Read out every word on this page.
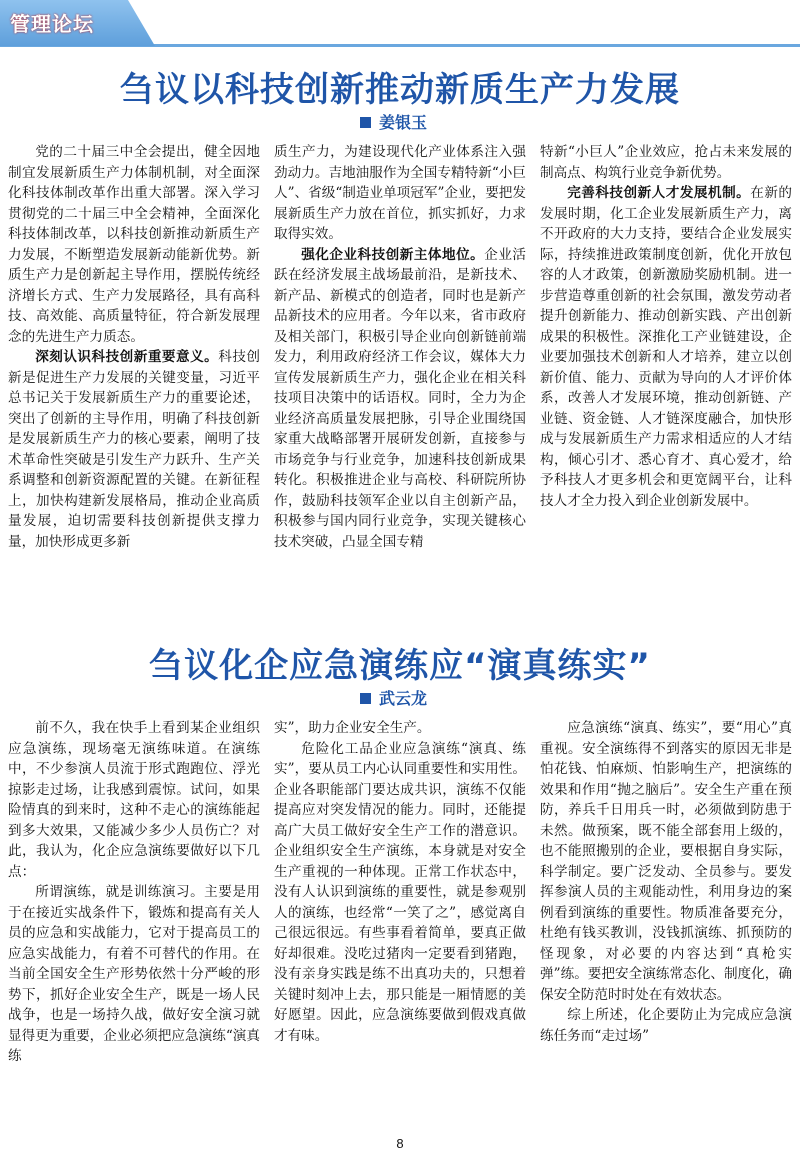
管理论坛
刍议以科技创新推动新质生产力发展
姜银玉

党的二十届三中全会提出，健全因地制宜发展新质生产力体制机制，对全面深化科技体制改革作出重大部署。深入学习贯彻党的二十届三中全会精神，全面深化科技体制改革，以科技创新推动新质生产力发展，不断塑造发展新动能新优势。新质生产力是创新起主导作用，摆脱传统经济增长方式、生产力发展路径，具有高科技、高效能、高质量特征，符合新发展理念的先进生产力质态。

深刻认识科技创新重要意义。科技创新是促进生产力发展的关键变量，习近平总书记关于发展新质生产力的重要论述，突出了创新的主导作用，明确了科技创新是发展新质生产力的核心要素，阐明了技术革命性突破是引发生产力跃升、生产关系调整和创新资源配置的关键。在新征程上，加快构建新发展格局，推动企业高质量发展，迫切需要科技创新提供支撑力量，加快形成更多新

质生产力，为建设现代化产业体系注入强劲动力。吉地油服作为全国专精特新“小巨人”、省级“制造业单项冠军”企业，要把发展新质生产力放在首位，抓实抓好，力求取得实效。

强化企业科技创新主体地位。企业活跃在经济发展主战场最前沿，是新技术、新产品、新模式的创造者，同时也是新产品新技术的应用者。今年以来，省市政府及相关部门，积极引导企业向创新链前端发力，利用政府经济工作会议，媒体大力宣传发展新质生产力，强化企业在相关科技项目决策中的话语权。同时，全力为企业经济高质量发展把脉，引导企业围绕国家重大战略部署开展研发创新，直接参与市场竞争与行业竞争，加速科技创新成果转化。积极推进企业与高校、科研院所协作，鼓励科技领军企业以自主创新产品，积极参与国内同行业竞争，实现关键核心技术突破，凸显全国专精

特新“小巨人”企业效应，抢占未来发展的制高点、构筑行业竞争新优势。

完善科技创新人才发展机制。在新的发展时期，化工企业发展新质生产力，离不开政府的大力支持，要结合企业发展实际，持续推进政策制度创新，优化开放包容的人才政策，创新激励奖励机制。进一步营造尊重创新的社会氛围，激发劳动者提升创新能力、推动创新实践、产出创新成果的积极性。深推化工产业链建设，企业要加强技术创新和人才培养，建立以创新价值、能力、贡献为导向的人才评价体系，改善人才发展环境，推动创新链、产业链、资金链、人才链深度融合，加快形成与发展新质生产力需求相适应的人才结构，倾心引才、悉心育才、真心爱才，给予科技人才更多机会和更宽阔平台，让科技人才全力投入到企业创新发展中。

刍议化企应急演练应“演真练实”
武云龙

前不久，我在快手上看到某企业组织应急演练，现场毫无演练味道。在演练中，不少参演人员流于形式跑跑位、浮光掠影走过场，让我感到震惊。试问，如果险情真的到来时，这种不走心的演练能起到多大效果，又能减少多少人员伤亡？对此，我认为，化企应急演练要做好以下几点：

所谓演练，就是训练演习。主要是用于在接近实战条件下，锻炼和提高有关人员的应急和实战能力，它对于提高员工的应急实战能力，有着不可替代的作用。在当前全国安全生产形势依然十分严峻的形势下，抓好企业安全生产，既是一场人民战争，也是一场持久战，做好安全演习就显得更为重要，企业必须把应急演练“演真练

实”，助力企业安全生产。

危险化工品企业应急演练“演真、练实”，要从员工内心认同重要性和实用性。企业各职能部门要达成共识，演练不仅能提高应对突发情况的能力。同时，还能提高广大员工做好安全生产工作的潜意识。企业组织安全生产演练，本身就是对安全生产重视的一种体现。正常工作状态中，没有人认识到演练的重要性，就是参观别人的演练，也经常“一笑了之”，感觉离自己很远很远。有些事看着简单，要真正做好却很难。没吃过猪肉一定要看到猪跑，没有亲身实践是练不出真功夫的，只想着关键时刻冲上去，那只能是一厢情愿的美好愿望。因此，应急演练要做到假戏真做才有味。

应急演练“演真、练实”，要“用心”真重视。安全演练得不到落实的原因无非是怕花钱、怕麻烦、怕影响生产，把演练的效果和作用“抛之脑后”。安全生产重在预防，养兵千日用兵一时，必须做到防患于未然。做预案，既不能全部套用上级的，也不能照搬别的企业，要根据自身实际，科学制定。要广泛发动、全员参与。要发挥参演人员的主观能动性，利用身边的案例看到演练的重要性。物质准备要充分，杜绝有钱买教训，没钱抓演练、抓预防的怪现象，对必要的内容达到“真枪实弹”练。要把安全演练常态化、制度化，确保安全防范时时处在有效状态。

综上所述，化企要防止为完成应急演练任务而“走过场”

8
